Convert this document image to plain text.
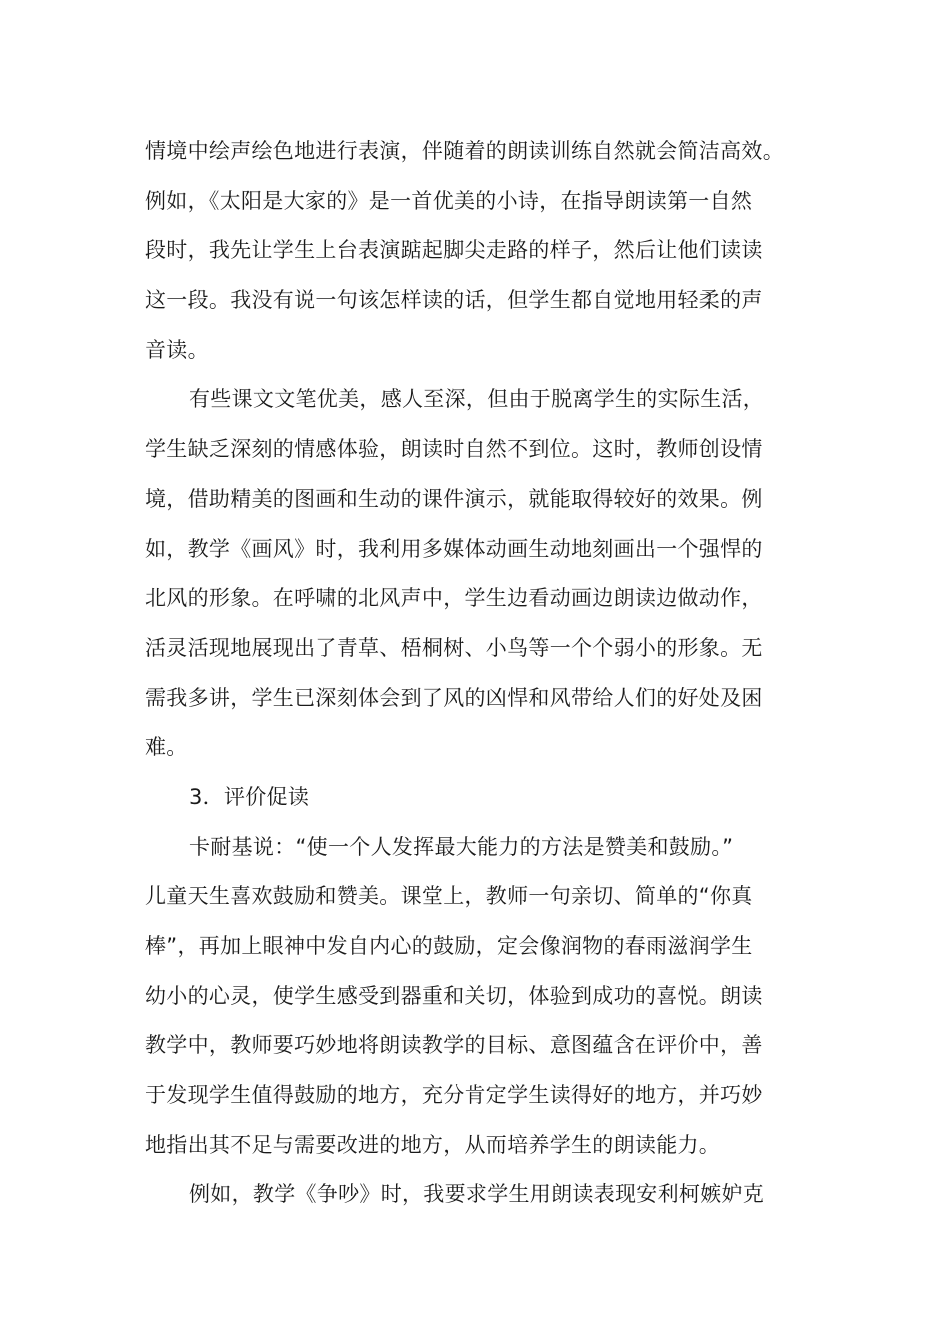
情境中绘声绘色地进行表演，伴随着的朗读训练自然就会简洁高效。
例如，《太阳是大家的》是一首优美的小诗，在指导朗读第一自然
段时，我先让学生上台表演踮起脚尖走路的样子，然后让他们读读
这一段。我没有说一句该怎样读的话，但学生都自觉地用轻柔的声
音读。
有些课文文笔优美，感人至深，但由于脱离学生的实际生活，
学生缺乏深刻的情感体验，朗读时自然不到位。这时，教师创设情
境，借助精美的图画和生动的课件演示，就能取得较好的效果。例
如，教学《画风》时，我利用多媒体动画生动地刻画出一个强悍的
北风的形象。在呼啸的北风声中，学生边看动画边朗读边做动作，
活灵活现地展现出了青草、梧桐树、小鸟等一个个弱小的形象。无
需我多讲，学生已深刻体会到了风的凶悍和风带给人们的好处及困
难。
3．评价促读
卡耐基说：“使一个人发挥最大能力的方法是赞美和鼓励。”
儿童天生喜欢鼓励和赞美。课堂上，教师一句亲切、简单的“你真
棒”，再加上眼神中发自内心的鼓励，定会像润物的春雨滋润学生
幼小的心灵，使学生感受到器重和关切，体验到成功的喜悦。朗读
教学中，教师要巧妙地将朗读教学的目标、意图蕴含在评价中，善
于发现学生值得鼓励的地方，充分肯定学生读得好的地方，并巧妙
地指出其不足与需要改进的地方，从而培养学生的朗读能力。
例如，教学《争吵》时，我要求学生用朗读表现安利柯嫉妒克
